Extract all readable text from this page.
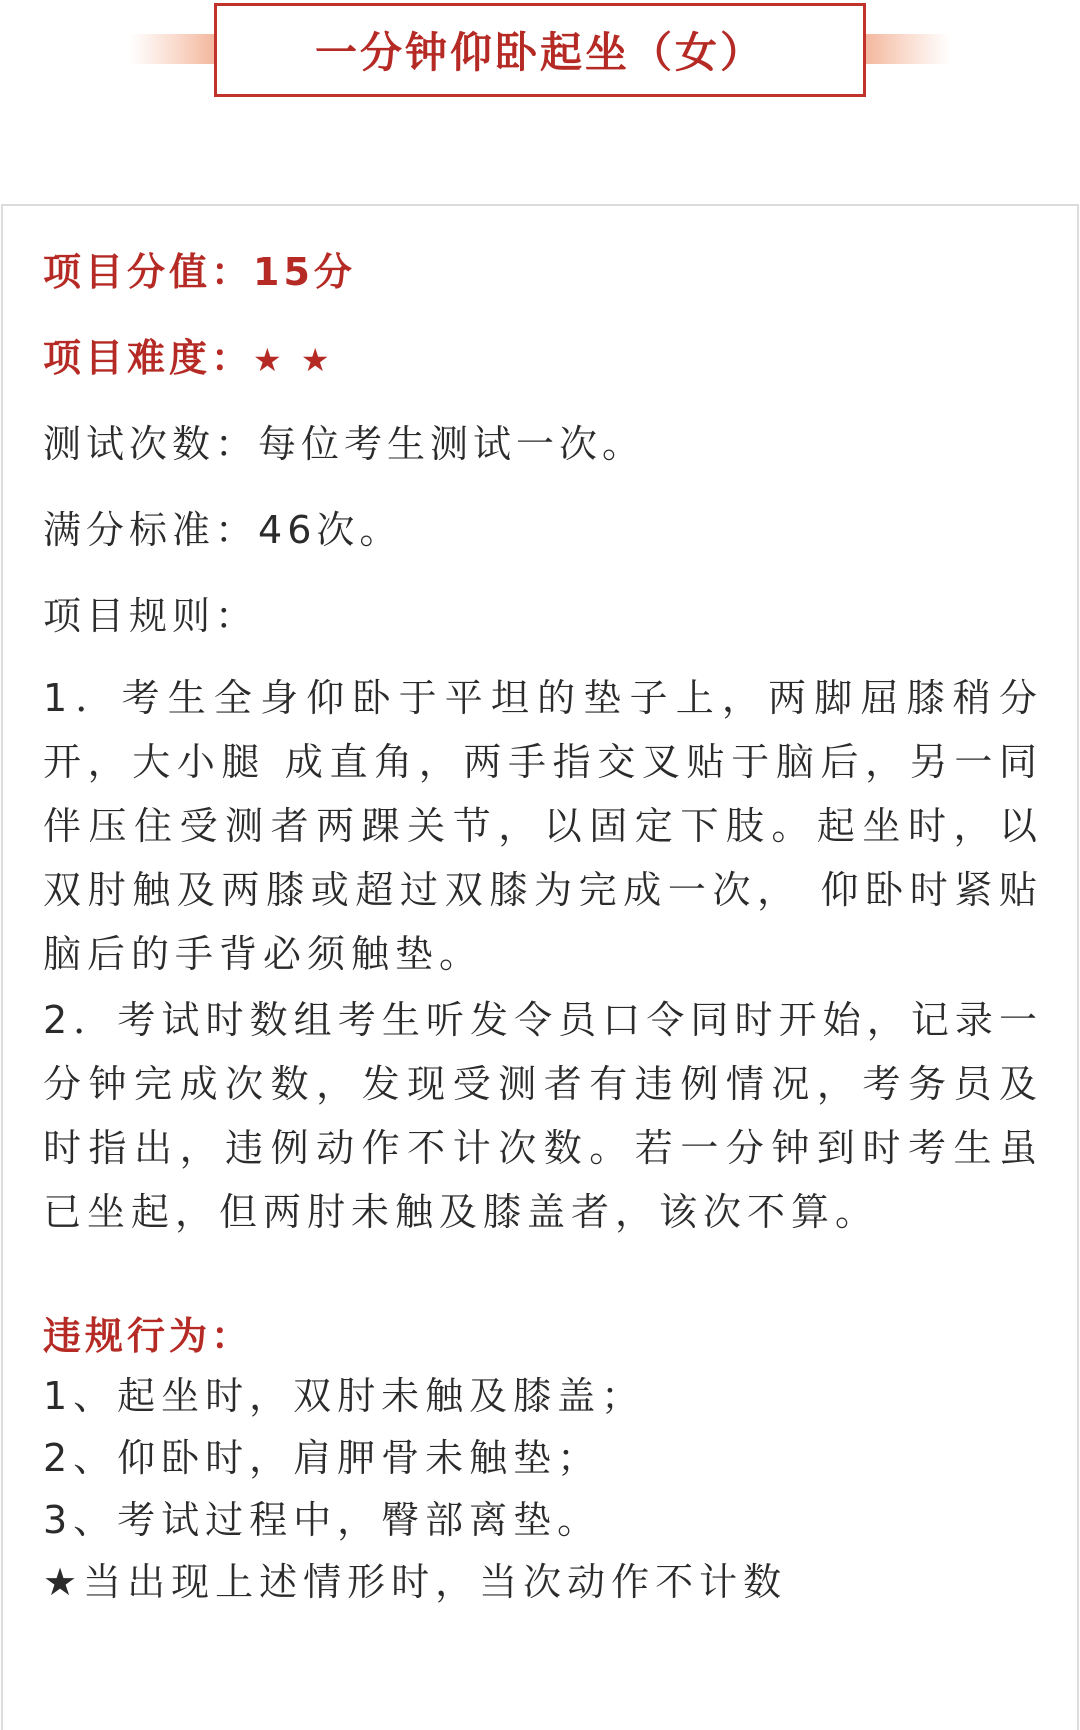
一分钟仰卧起坐（女）
项目分值：15分
项目难度：★ ★
测试次数：每位考生测试一次。
满分标准：46次。
项目规则：
1．考生全身仰卧于平坦的垫子上，两脚屈膝稍分开，大小腿 成直角，两手指交叉贴于脑后，另一同伴压住受测者两踝关节，以固定下肢。起坐时，以双肘触及两膝或超过双膝为完成一次， 仰卧时紧贴脑后的手背必须触垫。
2．考试时数组考生听发令员口令同时开始，记录一分钟完成次数，发现受测者有违例情况，考务员及时指出，违例动作不计次数。若一分钟到时考生虽已坐起，但两肘未触及膝盖者，该次不算。
违规行为：
1、起坐时，双肘未触及膝盖；
2、仰卧时，肩胛骨未触垫；
3、考试过程中，臀部离垫。
★当出现上述情形时，当次动作不计数
